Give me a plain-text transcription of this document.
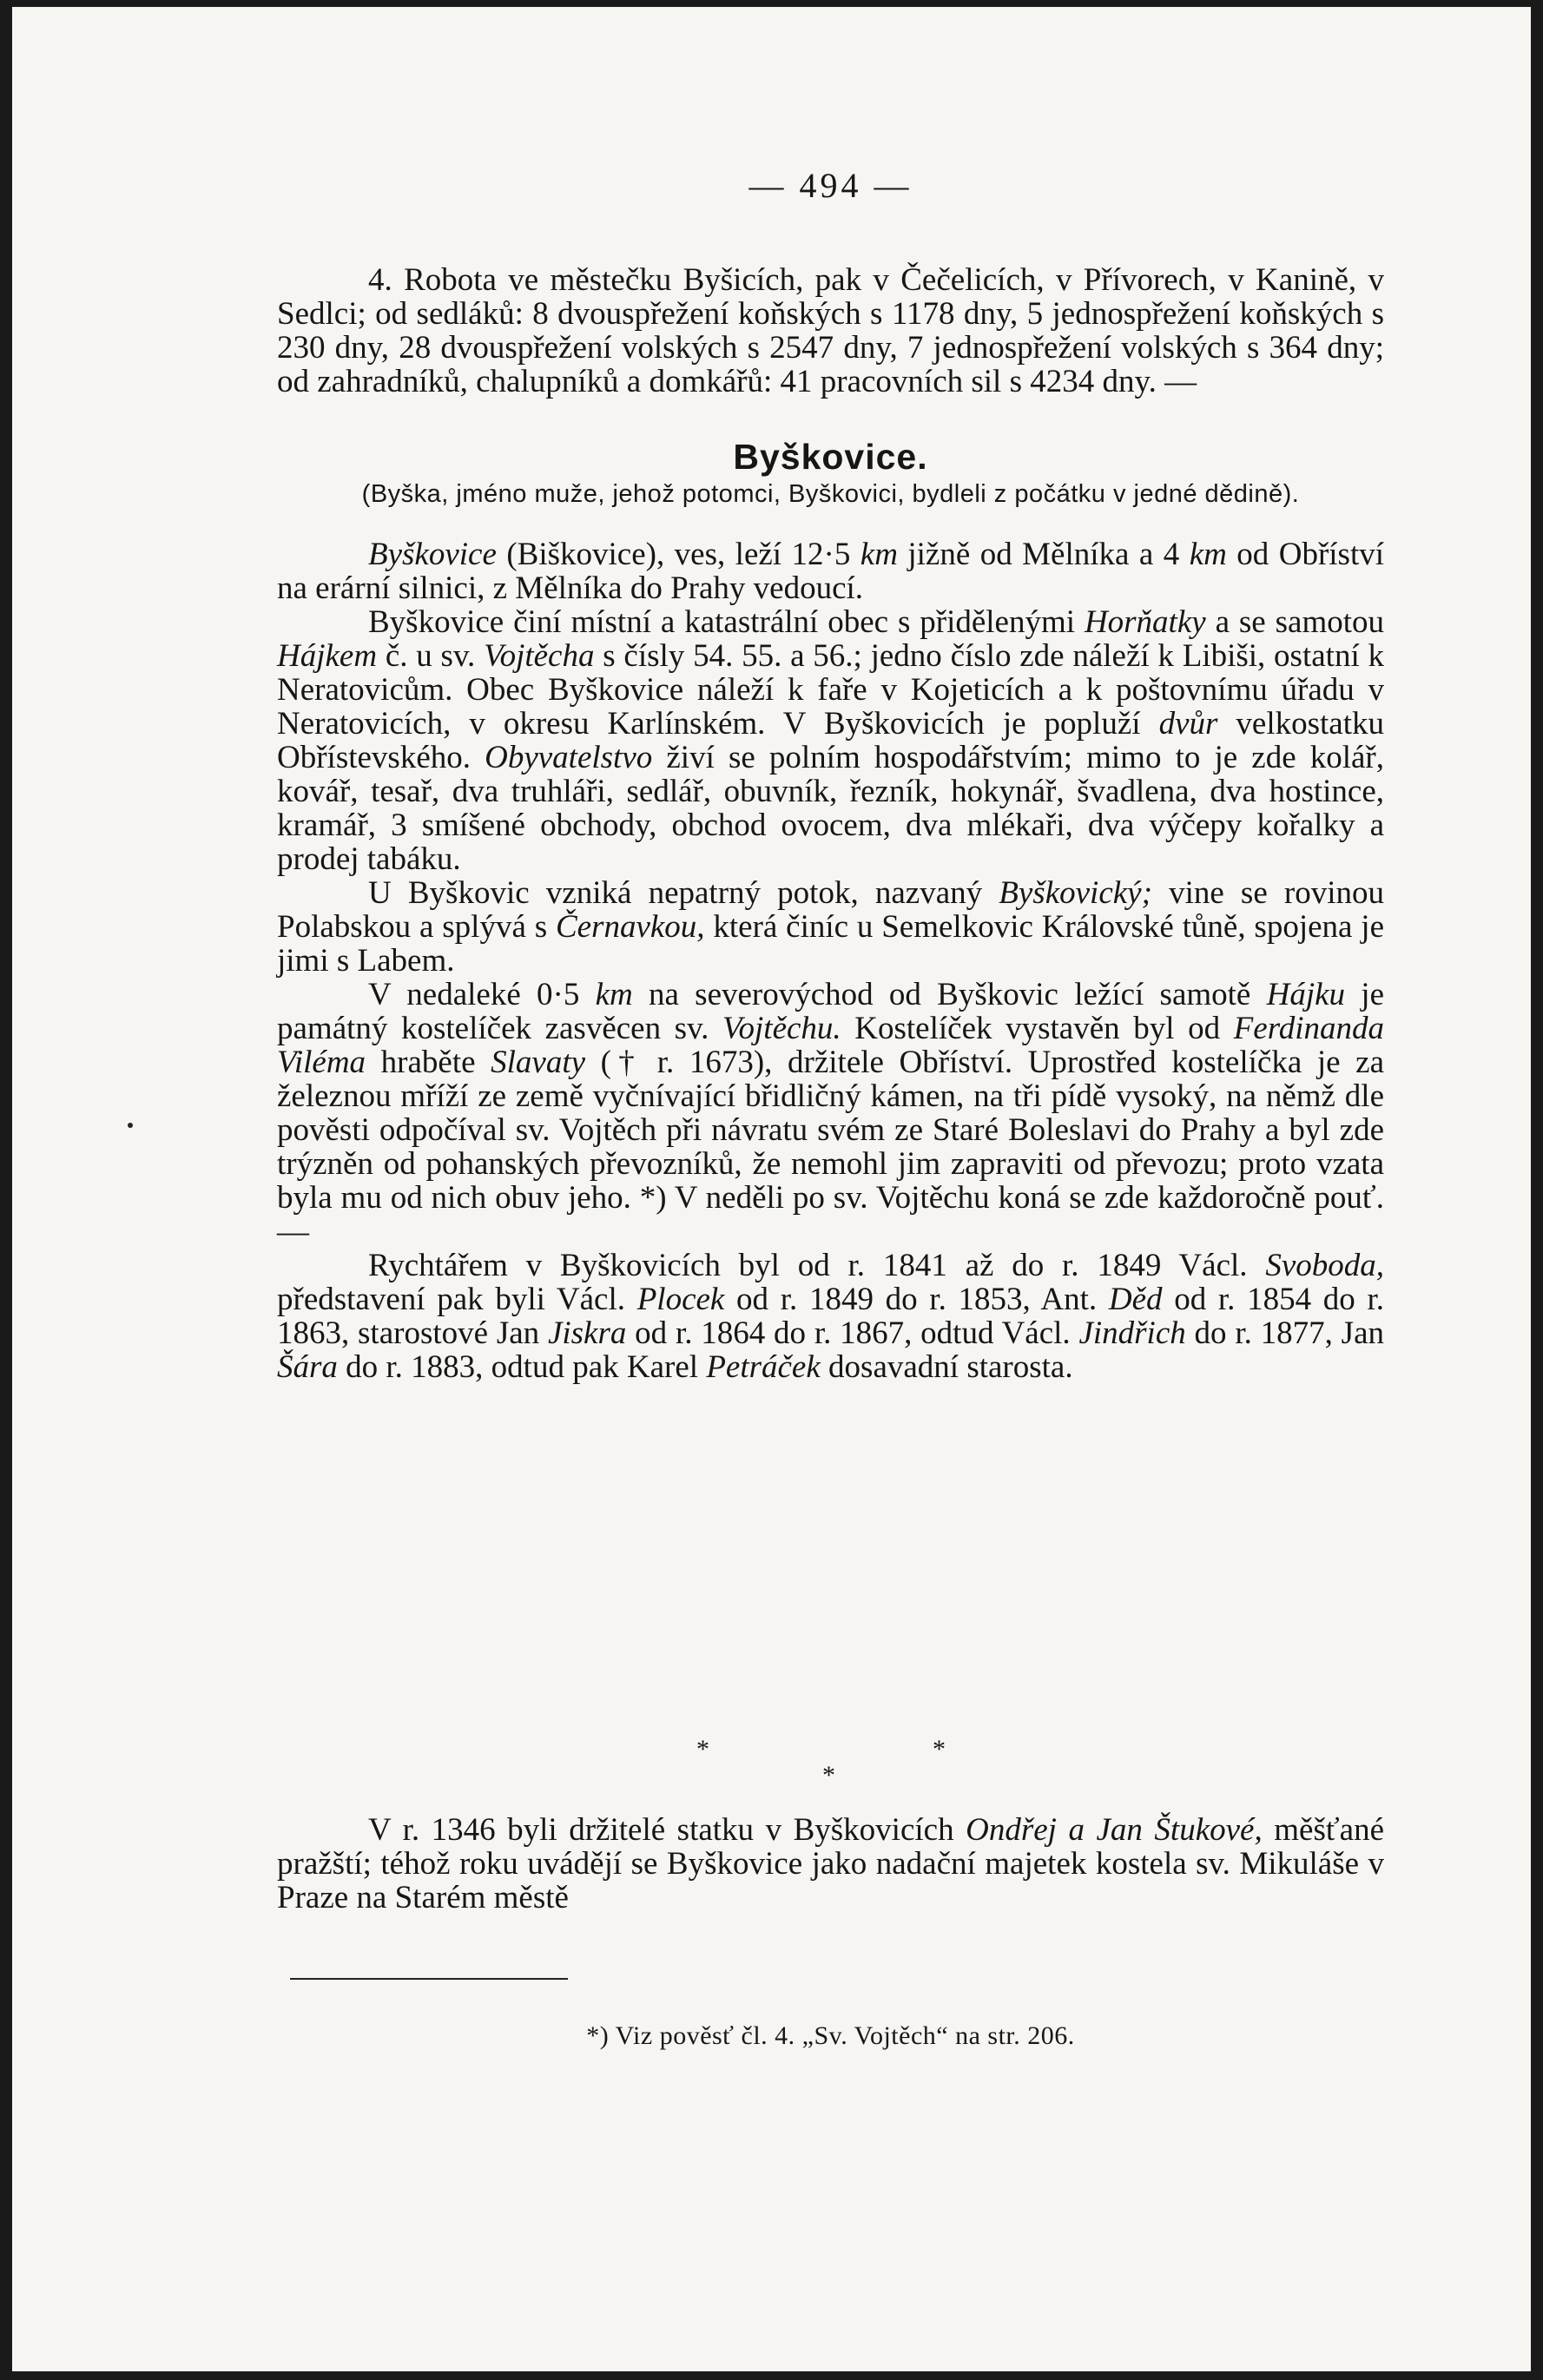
— 494 —

4. Robota ve městečku Byšicích, pak v Čečelicích, v Přívorech, v Kanině, v Sedlci; od sedláků: 8 dvouspřežení koňských s 1178 dny, 5 jednospřežení koňských s 230 dny, 28 dvouspřežení volských s 2547 dny, 7 jednospřežení volských s 364 dny; od zahradníků, chalupníků a domkářů: 41 pracovních sil s 4234 dny. —

Byškovice.

(Byška, jméno muže, jehož potomci, Byškovici, bydleli z počátku v jedné dědině).

Byškovice (Biškovice), ves, leží 12·5 km jižně od Mělníka a 4 km od Obříství na erární silnici, z Mělníka do Prahy vedoucí.

Byškovice činí místní a katastrální obec s přidělenými Horňatky a se samotou Hájkem č. u sv. Vojtěcha s čísly 54. 55. a 56.; jedno číslo zde náleží k Libiši, ostatní k Neratovicům. Obec Byškovice náleží k faře v Kojeticích a k poštovnímu úřadu v Neratovicích, v okresu Karlínském. V Byškovicích je popluží dvůr velkostatku Obřístevského. Obyvatelstvo živí se polním hospodářstvím; mimo to je zde kolář, kovář, tesař, dva truhláři, sedlář, obuvník, řezník, hokynář, švadlena, dva hostince, kramář, 3 smíšené obchody, obchod ovocem, dva mlékaři, dva výčepy kořalky a prodej tabáku.

U Byškovic vzniká nepatrný potok, nazvaný Byškovický; vine se rovinou Polabskou a splývá s Černavkou, která činíc u Semelkovic Královské tůně, spojena je jimi s Labem.

V nedaleké 0·5 km na severovýchod od Byškovic ležící samotě Hájku je památný kostelíček zasvěcen sv. Vojtěchu. Kostelíček vystavěn byl od Ferdinanda Viléma hraběte Slavaty († r. 1673), držitele Obříství. Uprostřed kostelíčka je za železnou mříží ze země vyčnívající břidličný kámen, na tři pídě vysoký, na němž dle pověsti odpočíval sv. Vojtěch při návratu svém ze Staré Boleslavi do Prahy a byl zde trýzněn od pohanských převozníků, že nemohl jim zapraviti od převozu; proto vzata byla mu od nich obuv jeho. *) V neděli po sv. Vojtěchu koná se zde každoročně pouť. —

Rychtářem v Byškovicích byl od r. 1841 až do r. 1849 Václ. Svoboda, představení pak byli Václ. Plocek od r. 1849 do r. 1853, Ant. Děd od r. 1854 do r. 1863, starostové Jan Jiskra od r. 1864 do r. 1867, odtud Václ. Jindřich do r. 1877, Jan Šára do r. 1883, odtud pak Karel Petráček dosavadní starosta.

*
*
*

V r. 1346 byli držitelé statku v Byškovicích Ondřej a Jan Štukové, měšťané pražští; téhož roku uvádějí se Byškovice jako nadační majetek kostela sv. Mikuláše v Praze na Starém městě

*) Viz pověsť čl. 4. „Sv. Vojtěch“ na str. 206.
